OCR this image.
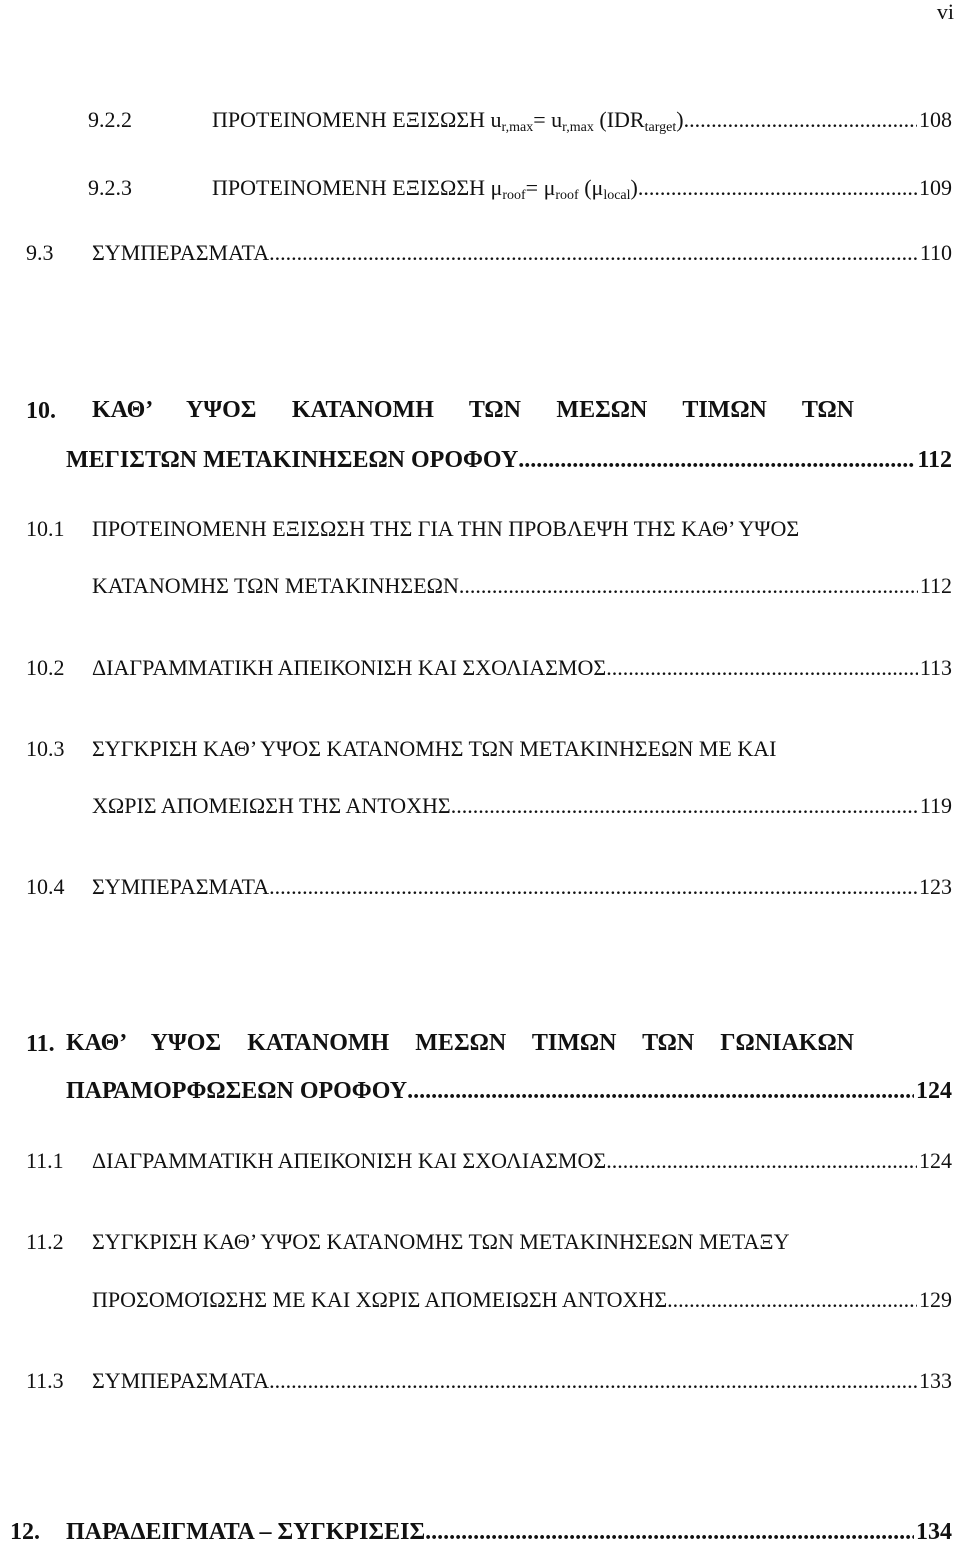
vi
9.2.2	ΠΡΟΤΕΙΝΟΜΕΝΗ ΕΞΙΣΩΣΗ $u_{r,max}= u_{r,max}$ $(IDR_{target})$ .....	108
9.2.3	ΠΡΟΤΕΙΝΟΜΕΝΗ ΕΞΙΣΩΣΗ $\mu_{roof}= \mu_{roof}$ $(\mu_{local})$ .....	109
9.3	ΣΥΜΠΕΡΑΣΜΑΤΑ .....	110
10.	ΚΑΘ’ ΥΨΟΣ ΚΑΤΑΝΟΜΗ ΤΩΝ ΜΕΣΩΝ ΤΙΜΩΝ ΤΩΝ
ΜΕΓΙΣΤΩΝ ΜΕΤΑΚΙΝΗΣΕΩΝ ΟΡΟΦΟΥ .....	112
10.1	ΠΡΟΤΕΙΝΟΜΕΝΗ ΕΞΙΣΩΣΗ ΤΗΣ ΓΙΑ ΤΗΝ ΠΡΟΒΛΕΨΗ ΤΗΣ ΚΑΘ’ ΥΨΟΣ
ΚΑΤΑΝΟΜΗΣ ΤΩΝ ΜΕΤΑΚΙΝΗΣΕΩΝ .....	112
10.2	ΔΙΑΓΡΑΜΜΑΤΙΚΗ ΑΠΕΙΚΟΝΙΣΗ ΚΑΙ ΣΧΟΛΙΑΣΜΟΣ .....	113
10.3	ΣΥΓΚΡΙΣΗ ΚΑΘ’ ΥΨΟΣ ΚΑΤΑΝΟΜΗΣ ΤΩΝ ΜΕΤΑΚΙΝΗΣΕΩΝ ΜΕ ΚΑΙ
ΧΩΡΙΣ ΑΠΟΜΕΙΩΣΗ ΤΗΣ ΑΝΤΟΧΗΣ .....	119
10.4	ΣΥΜΠΕΡΑΣΜΑΤΑ .....	123
11. ΚΑΘ’ ΥΨΟΣ ΚΑΤΑΝΟΜΗ ΜΕΣΩΝ ΤΙΜΩΝ ΤΩΝ ΓΩΝΙΑΚΩΝ
ΠΑΡΑΜΟΡΦΩΣΕΩΝ ΟΡΟΦΟΥ .....	124
11.1	ΔΙΑΓΡΑΜΜΑΤΙΚΗ ΑΠΕΙΚΟΝΙΣΗ ΚΑΙ ΣΧΟΛΙΑΣΜΟΣ .....	124
11.2	ΣΥΓΚΡΙΣΗ ΚΑΘ’ ΥΨΟΣ ΚΑΤΑΝΟΜΗΣ ΤΩΝ ΜΕΤΑΚΙΝΗΣΕΩΝ ΜΕΤΑΞΥ
ΠΡΟΣΟΜΟΊΩΣΗΣ ΜΕ ΚΑΙ ΧΩΡΙΣ ΑΠΟΜΕΙΩΣΗ ΑΝΤΟΧΗΣ .....	129
11.3	ΣΥΜΠΕΡΑΣΜΑΤΑ .....	133
12.	ΠΑΡΑΔΕΙΓΜΑΤΑ – ΣΥΓΚΡΙΣΕΙΣ .....	134
